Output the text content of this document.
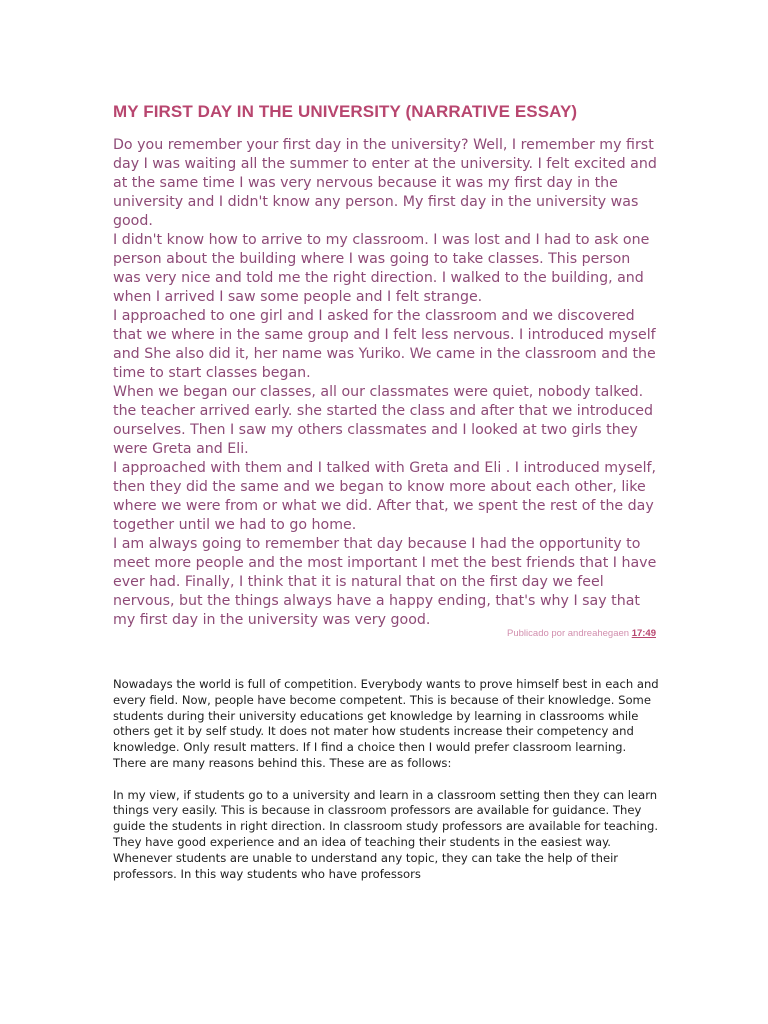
MY FIRST DAY IN THE UNIVERSITY (NARRATIVE ESSAY)

Do you remember your first day in the university? Well, I remember my first day I was waiting all the summer to enter at the university. I felt excited and at the same time I was very nervous because it was my first day in the university and I didn't know any person. My first day in the university was good.

I didn't know how to arrive to my classroom. I was lost and I had to ask one person about the building where I was going to take classes. This person was very nice and told me the right direction. I walked to the building, and when I arrived I saw some people and I felt strange.

I approached to one girl and I asked for the classroom and we discovered that we where in the same group and I felt less nervous. I introduced myself and She also did it, her name was Yuriko. We came in the classroom and the time to start classes began.

When we began our classes, all our classmates were quiet, nobody talked. the teacher arrived early. she started the class and after that we introduced ourselves. Then I saw my others classmates and I looked at two girls they were Greta and Eli.

I approached with them and I talked with Greta and Eli . I introduced myself, then they did the same and we began to know more about each other, like where we were from or what we did. After that, we spent the rest of the day together until we had to go home.

I am always going to remember that day because I had the opportunity to meet more people and the most important I met the best friends that I have ever had. Finally, I think that it is natural that on the first day we feel nervous, but the things always have a happy ending, that's why I say that my first day in the university was very good.

Publicado por andreahegaen 17:49

Nowadays the world is full of competition. Everybody wants to prove himself best in each and every field. Now, people have become competent. This is because of their knowledge. Some students during their university educations get knowledge by learning in classrooms while others get it by self study. It does not mater how students increase their competency and knowledge. Only result matters. If I find a choice then I would prefer classroom learning. There are many reasons behind this. These are as follows:

In my view, if students go to a university and learn in a classroom setting then they can learn things very easily. This is because in classroom professors are available for guidance. They guide the students in right direction. In classroom study professors are available for teaching. They have good experience and an idea of teaching their students in the easiest way. Whenever students are unable to understand any topic, they can take the help of their professors. In this way students who have professors
